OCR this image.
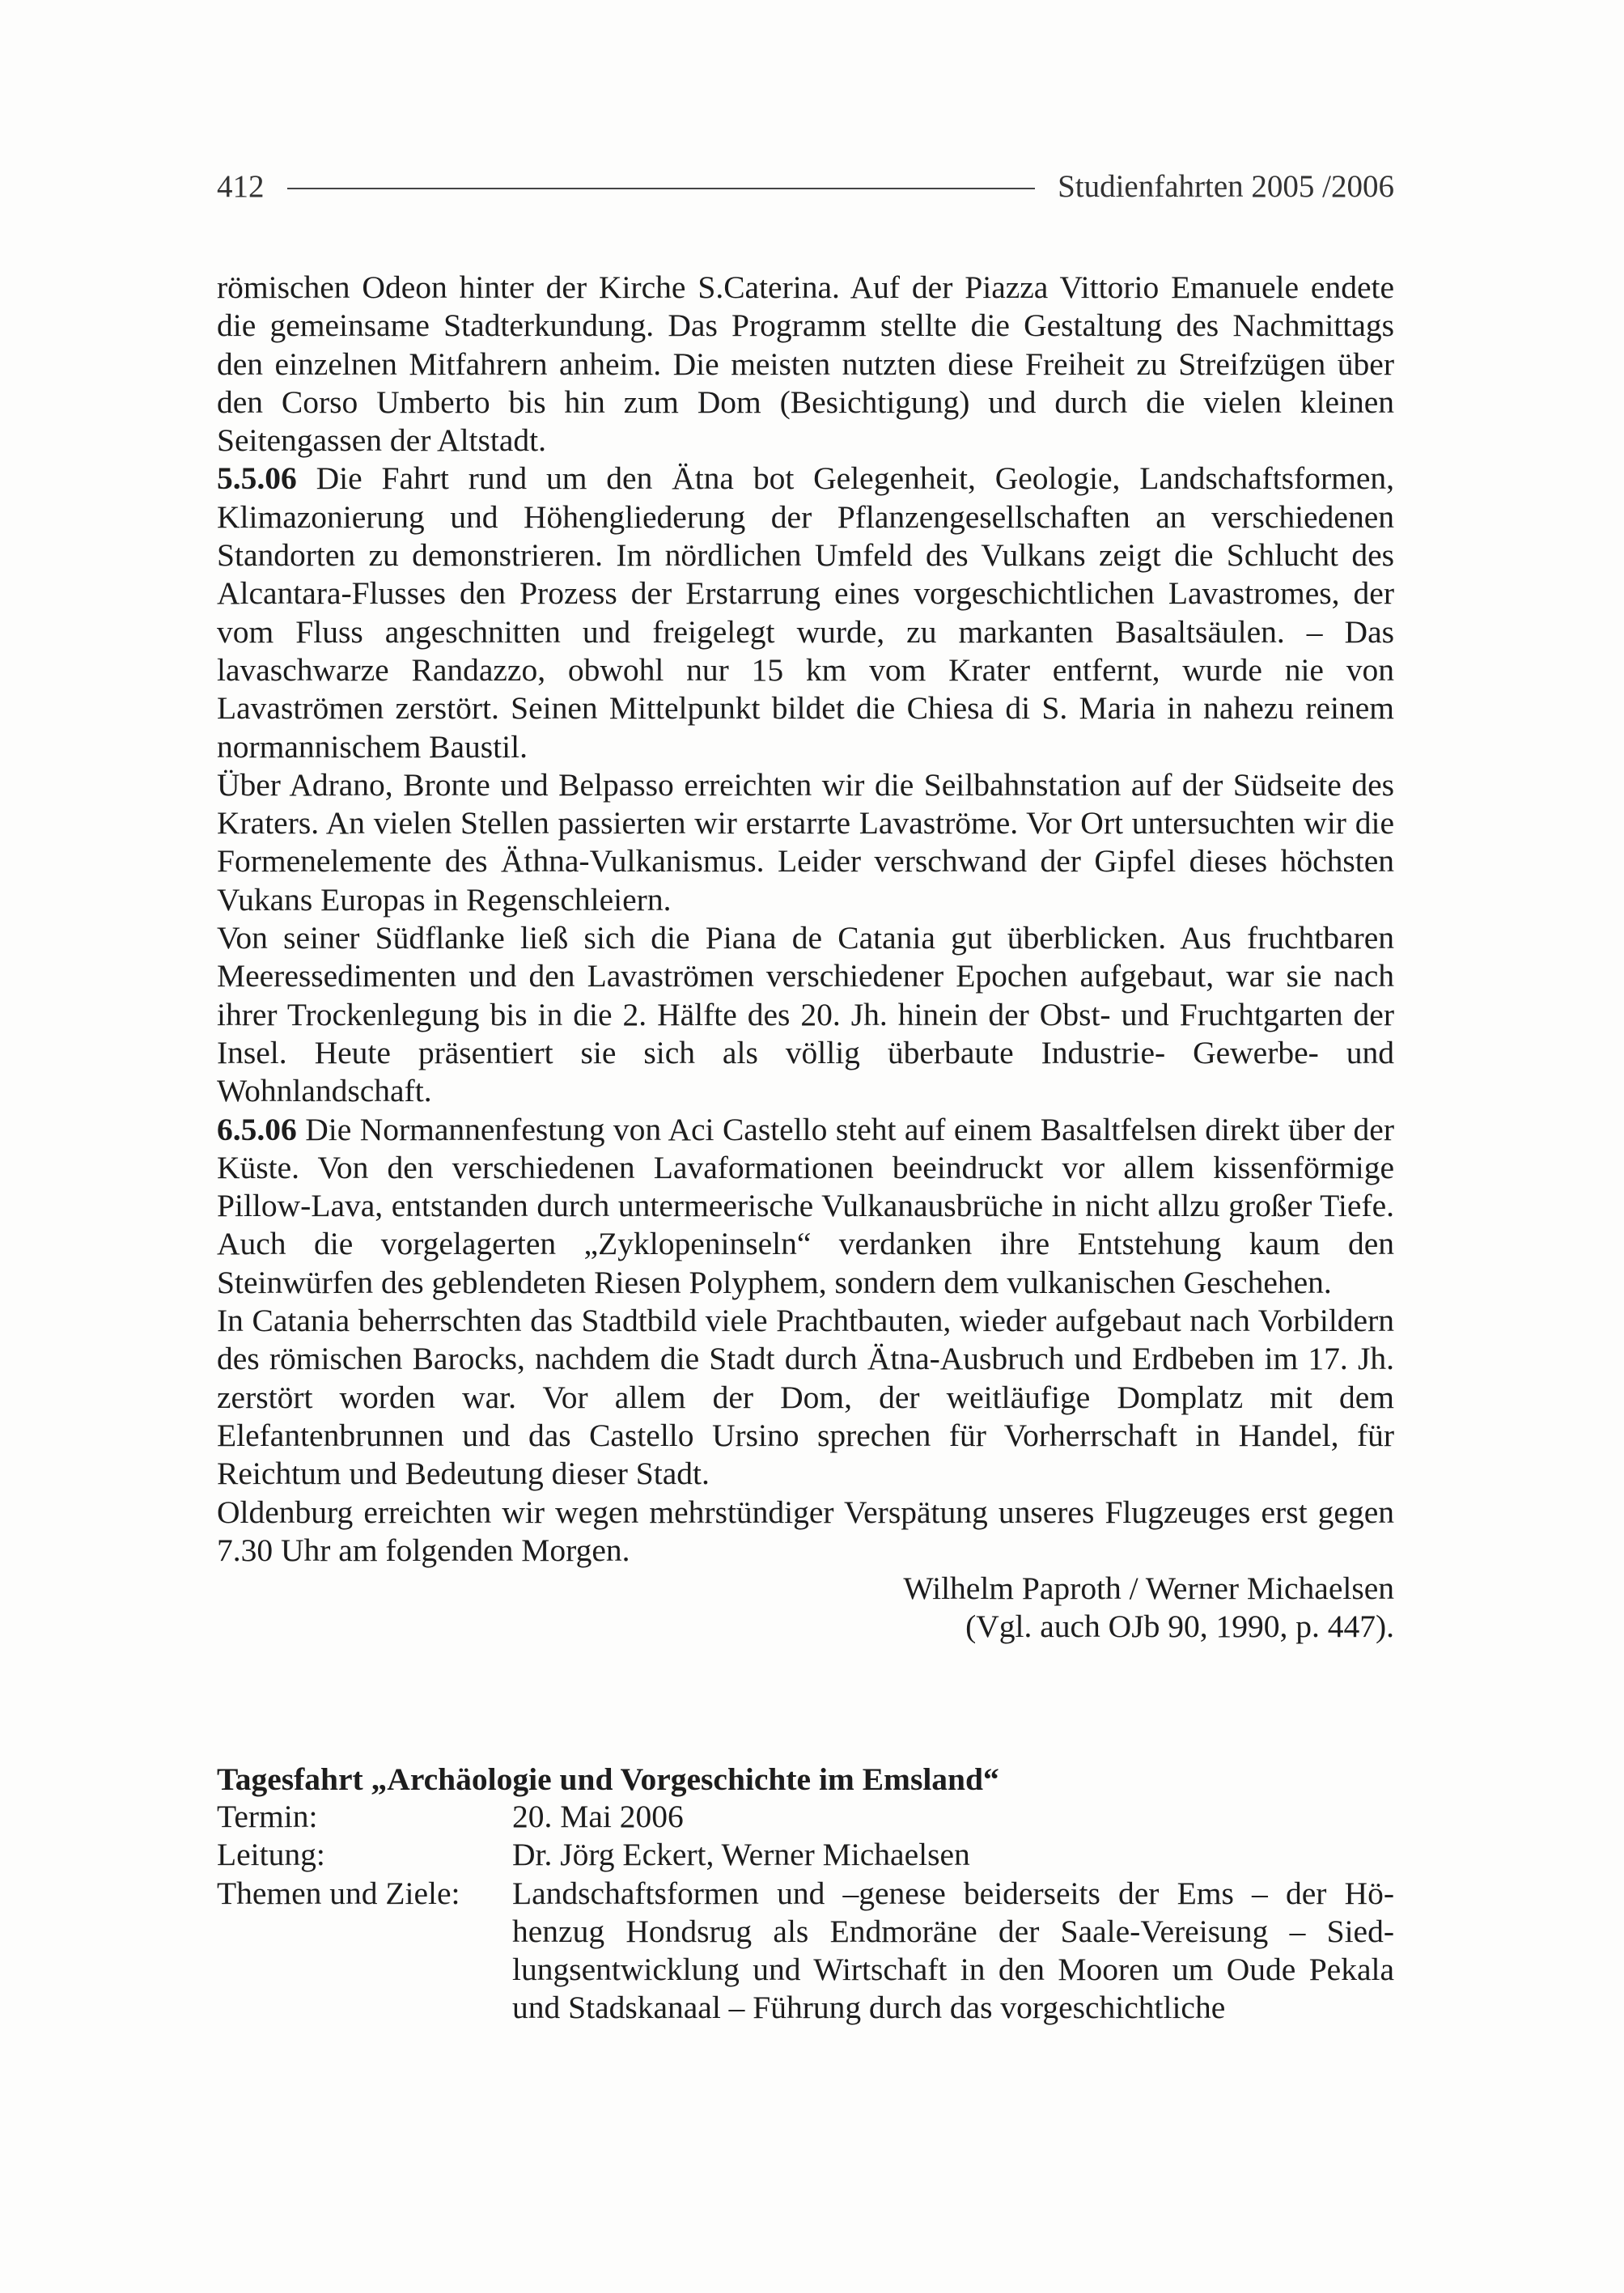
412	Studienfahrten 2005 /2006

römischen Odeon hinter der Kirche S.Caterina. Auf der Piazza Vittorio Emanuele endete die gemeinsame Stadterkundung. Das Programm stellte die Gestaltung des Nachmittags den einzelnen Mitfahrern anheim. Die meisten nutzten diese Freiheit zu Streifzügen über den Corso Umberto bis hin zum Dom (Besichtigung) und durch die vielen kleinen Seitengassen der Altstadt.

5.5.06 Die Fahrt rund um den Ätna bot Gelegenheit, Geologie, Landschaftsformen, Klimazonierung und Höhengliederung der Pflanzengesellschaften an verschiedenen Standorten zu demonstrieren. Im nördlichen Umfeld des Vulkans zeigt die Schlucht des Alcantara-Flusses den Prozess der Erstarrung eines vorgeschichtlichen Lavastromes, der vom Fluss angeschnitten und freigelegt wurde, zu markanten Basaltsäulen. – Das lavaschwarze Randazzo, obwohl nur 15 km vom Krater entfernt, wurde nie von Lavaströmen zerstört. Seinen Mittelpunkt bildet die Chiesa di S. Maria in nahezu reinem normannischem Baustil.

Über Adrano, Bronte und Belpasso erreichten wir die Seilbahnstation auf der Südseite des Kraters. An vielen Stellen passierten wir erstarrte Lavaströme. Vor Ort untersuchten wir die Formenelemente des Äthna-Vulkanismus. Leider verschwand der Gipfel dieses höchsten Vukans Europas in Regenschleiern.

Von seiner Südflanke ließ sich die Piana de Catania gut überblicken. Aus fruchtbaren Meeressedimenten und den Lavaströmen verschiedener Epochen aufgebaut, war sie nach ihrer Trockenlegung bis in die 2. Hälfte des 20. Jh. hinein der Obst- und Fruchtgarten der Insel. Heute präsentiert sie sich als völlig überbaute Industrie- Gewerbe- und Wohnlandschaft.

6.5.06 Die Normannenfestung von Aci Castello steht auf einem Basaltfelsen direkt über der Küste. Von den verschiedenen Lavaformationen beeindruckt vor allem kissenförmige Pillow-Lava, entstanden durch untermeerische Vulkanausbrüche in nicht allzu großer Tiefe. Auch die vorgelagerten „Zyklopeninseln“ verdanken ihre Entstehung kaum den Steinwürfen des geblendeten Riesen Polyphem, sondern dem vulkanischen Geschehen.

In Catania beherrschten das Stadtbild viele Prachtbauten, wieder aufgebaut nach Vorbildern des römischen Barocks, nachdem die Stadt durch Ätna-Ausbruch und Erdbeben im 17. Jh. zerstört worden war. Vor allem der Dom, der weitläufige Domplatz mit dem Elefantenbrunnen und das Castello Ursino sprechen für Vorherrschaft in Handel, für Reichtum und Bedeutung dieser Stadt.

Oldenburg erreichten wir wegen mehrstündiger Verspätung unseres Flugzeuges erst gegen 7.30 Uhr am folgenden Morgen.

Wilhelm Paproth / Werner Michaelsen

(Vgl. auch OJb 90, 1990, p. 447).

Tagesfahrt „Archäologie und Vorgeschichte im Emsland“
Termin:	20. Mai 2006
Leitung:	Dr. Jörg Eckert, Werner Michaelsen
Themen und Ziele:	Landschaftsformen und –genese beiderseits der Ems – der Höhenzug Hondsrug als Endmoräne der Saale-Vereisung – Siedlungsentwicklung und Wirtschaft in den Mooren um Oude Pekala und Stadskanaal – Führung durch das vorgeschichtliche
